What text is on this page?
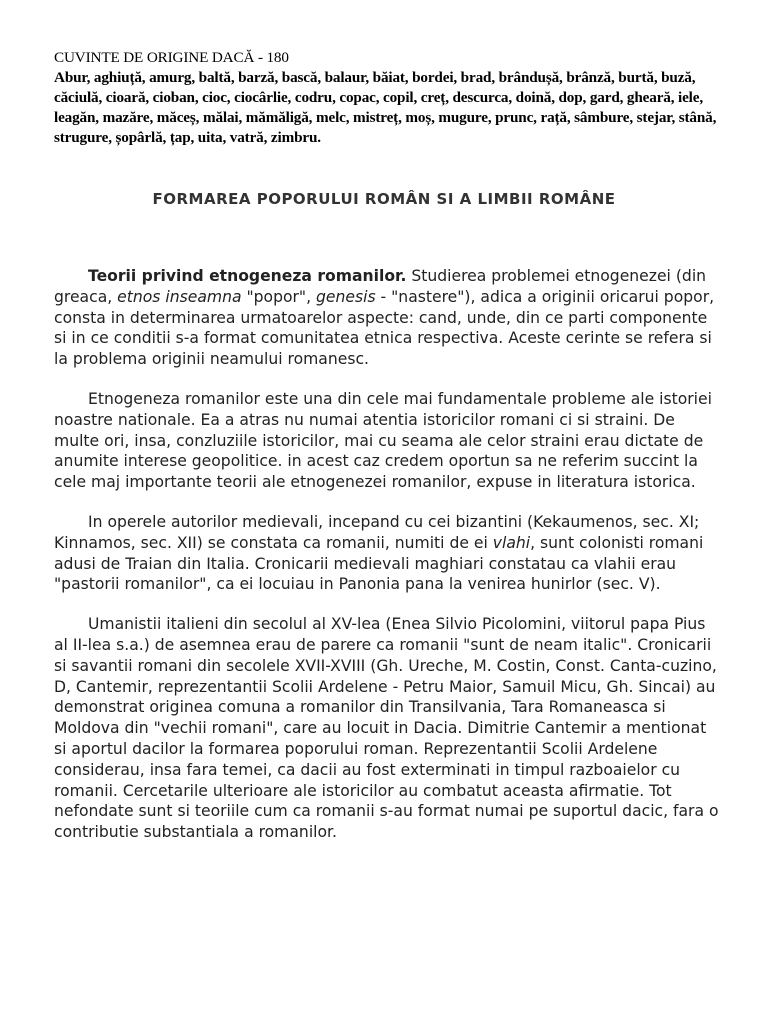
CUVINTE DE ORIGINE DACĂ - 180
Abur, aghiuță, amurg, baltă, barză, bască, balaur, băiat, bordei, brad, brândușă, brânză, burtă, buză, căciulă, cioară, cioban, cioc, ciocârlie, codru, copac, copil, creț, descurca, doină, dop, gard, gheară, iele, leagăn, mazăre, măceș, mălai, mămăligă, melc, mistreț, moș, mugure, prunc, rață, sâmbure, stejar, stână, strugure, șopârlă, țap, uita, vatră, zimbru.
FORMAREA POPORULUI ROMÂN SI A LIMBII ROMÂNE

Teorii privind etnogeneza romanilor. Studierea problemei etnogenezei (din greaca, etnos inseamna "popor", genesis - "nastere"), adica a originii oricarui popor, consta in determinarea urmatoarelor aspecte: cand, unde, din ce parti componente si in ce conditii s-a format comunitatea etnica respectiva. Aceste cerinte se refera si la problema originii neamului romanesc.

Etnogeneza romanilor este una din cele mai fundamentale probleme ale istoriei noastre nationale. Ea a atras nu numai atentia istoricilor romani ci si straini. De multe ori, insa, conzluziile istoricilor, mai cu seama ale celor straini erau dictate de anumite interese geopolitice. in acest caz credem oportun sa ne referim succint la cele maj importante teorii ale etnogenezei romanilor, expuse in literatura istorica.

In operele autorilor medievali, incepand cu cei bizantini (Kekaumenos, sec. XI; Kinnamos, sec. XII) se constata ca romanii, numiti de ei vlahi, sunt colonisti romani adusi de Traian din Italia. Cronicarii medievali maghiari constatau ca vlahii erau "pastorii romanilor", ca ei locuiau in Panonia pana la venirea hunirlor (sec. V).

Umanistii italieni din secolul al XV-lea (Enea Silvio Picolomini, viitorul papa Pius al II-lea s.a.) de asemnea erau de parere ca romanii "sunt de neam italic". Cronicarii si savantii romani din secolele XVII-XVIII (Gh. Ureche, M. Costin, Const. Canta-cuzino, D, Cantemir, reprezentantii Scolii Ardelene - Petru Maior, Samuil Micu, Gh. Sincai) au demonstrat originea comuna a romanilor din Transilvania, Tara Romaneasca si Moldova din "vechii romani", care au locuit in Dacia. Dimitrie Cantemir a mentionat si aportul dacilor la formarea poporului roman. Reprezentantii Scolii Ardelene considerau, insa fara temei, ca dacii au fost exterminati in timpul razboaielor cu romanii. Cercetarile ulterioare ale istoricilor au combatut aceasta afirmatie. Tot nefondate sunt si teoriile cum ca romanii s-au format numai pe suportul dacic, fara o contributie substantiala a romanilor.
